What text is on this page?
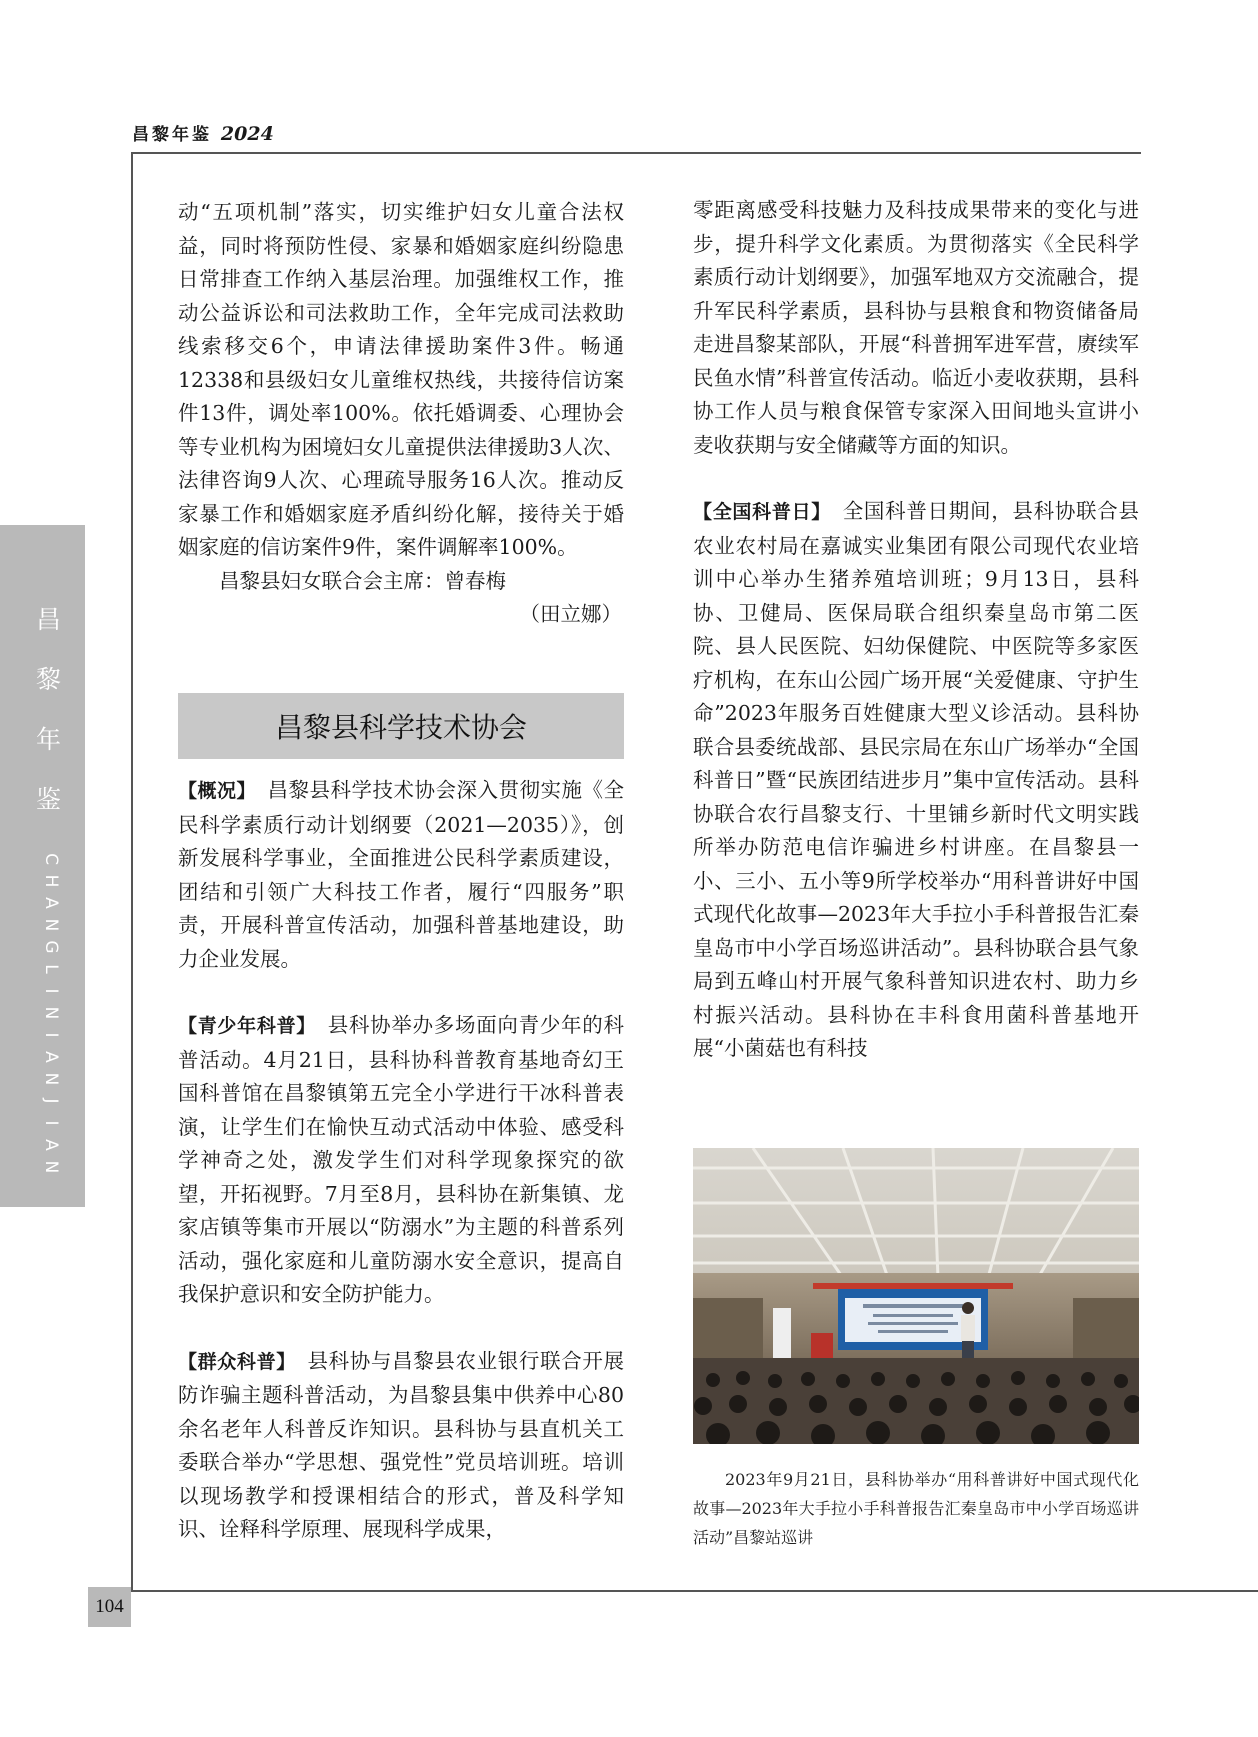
昌黎年鉴 2024
昌
黎
年
鉴
C
H
A
N
G
L
I
N
I
A
N
J
I
A
N

动“五项机制”落实，切实维护妇女儿童合法权益，同时将预防性侵、家暴和婚姻家庭纠纷隐患日常排查工作纳入基层治理。加强维权工作，推动公益诉讼和司法救助工作，全年完成司法救助线索移交6个，申请法律援助案件3件。畅通12338和县级妇女儿童维权热线，共接待信访案件13件，调处率100%。依托婚调委、心理协会等专业机构为困境妇女儿童提供法律援助3人次、法律咨询9人次、心理疏导服务16人次。推动反家暴工作和婚姻家庭矛盾纠纷化解，接待关于婚姻家庭的信访案件9件，案件调解率100%。

昌黎县妇女联合会主席：曾春梅

（田立娜）

昌黎县科学技术协会

【概况】　昌黎县科学技术协会深入贯彻实施《全民科学素质行动计划纲要（2021—2035）》，创新发展科学事业，全面推进公民科学素质建设，团结和引领广大科技工作者，履行“四服务”职责，开展科普宣传活动，加强科普基地建设，助力企业发展。

【青少年科普】　县科协举办多场面向青少年的科普活动。4月21日，县科协科普教育基地奇幻王国科普馆在昌黎镇第五完全小学进行干冰科普表演，让学生们在愉快互动式活动中体验、感受科学神奇之处，激发学生们对科学现象探究的欲望，开拓视野。7月至8月，县科协在新集镇、龙家店镇等集市开展以“防溺水”为主题的科普系列活动，强化家庭和儿童防溺水安全意识，提高自我保护意识和安全防护能力。

【群众科普】　县科协与昌黎县农业银行联合开展防诈骗主题科普活动，为昌黎县集中供养中心80余名老年人科普反诈知识。县科协与县直机关工委联合举办“学思想、强党性”党员培训班。培训以现场教学和授课相结合的形式，普及科学知识、诠释科学原理、展现科学成果，

零距离感受科技魅力及科技成果带来的变化与进步，提升科学文化素质。为贯彻落实《全民科学素质行动计划纲要》，加强军地双方交流融合，提升军民科学素质，县科协与县粮食和物资储备局走进昌黎某部队，开展“科普拥军进军营，赓续军民鱼水情”科普宣传活动。临近小麦收获期，县科协工作人员与粮食保管专家深入田间地头宣讲小麦收获期与安全储藏等方面的知识。

【全国科普日】　全国科普日期间，县科协联合县农业农村局在嘉诚实业集团有限公司现代农业培训中心举办生猪养殖培训班；9月13日，县科协、卫健局、医保局联合组织秦皇岛市第二医院、县人民医院、妇幼保健院、中医院等多家医疗机构，在东山公园广场开展“关爱健康、守护生命”2023年服务百姓健康大型义诊活动。县科协联合县委统战部、县民宗局在东山广场举办“全国科普日”暨“民族团结进步月”集中宣传活动。县科协联合农行昌黎支行、十里铺乡新时代文明实践所举办防范电信诈骗进乡村讲座。在昌黎县一小、三小、五小等9所学校举办“用科普讲好中国式现代化故事—2023年大手拉小手科普报告汇秦皇岛市中小学百场巡讲活动”。县科协联合县气象局到五峰山村开展气象科普知识进农村、助力乡村振兴活动。县科协在丰科食用菌科普基地开展“小菌菇也有科技

2023年9月21日，县科协举办“用科普讲好中国式现代化故事—2023年大手拉小手科普报告汇秦皇岛市中小学百场巡讲活动”昌黎站巡讲

104
